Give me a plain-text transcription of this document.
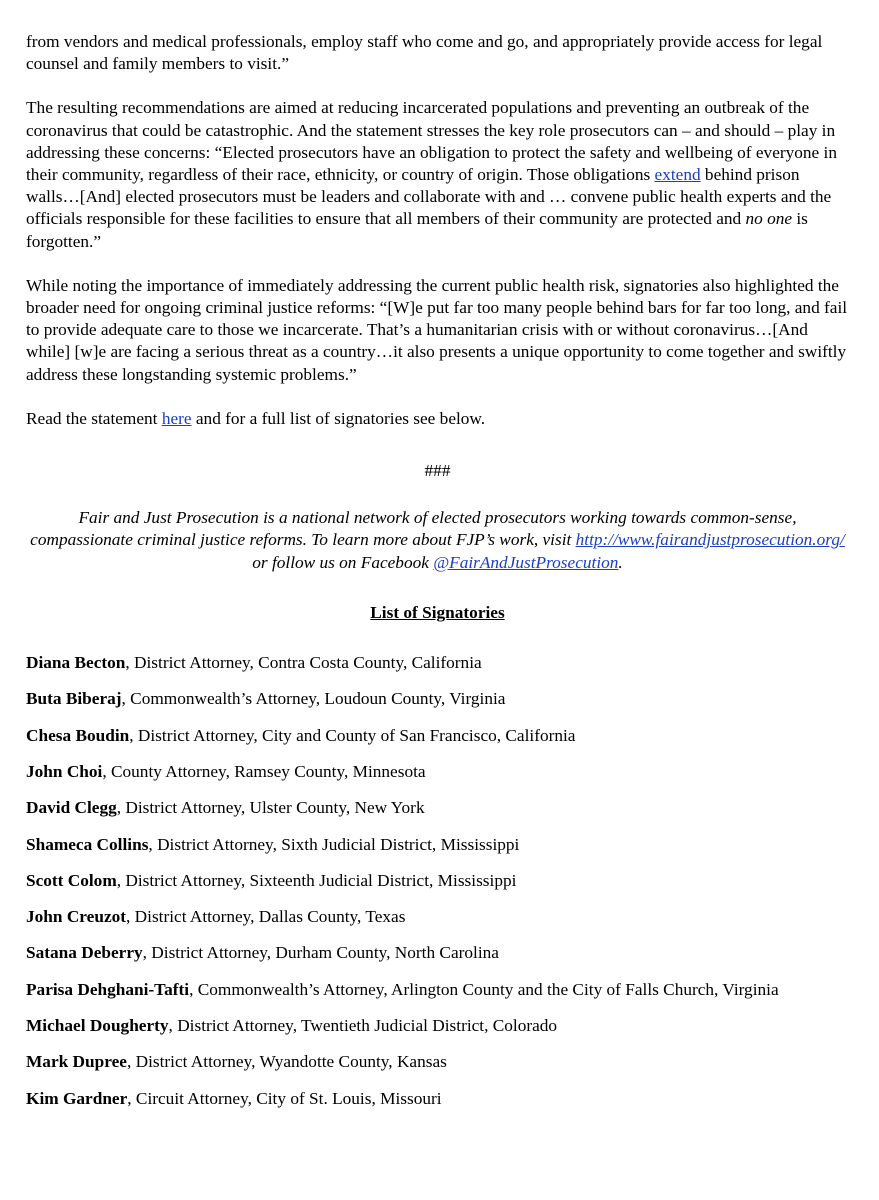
from vendors and medical professionals, employ staff who come and go, and appropriately provide access for legal counsel and family members to visit.”

The resulting recommendations are aimed at reducing incarcerated populations and preventing an outbreak of the coronavirus that could be catastrophic. And the statement stresses the key role prosecutors can – and should – play in addressing these concerns: “Elected prosecutors have an obligation to protect the safety and wellbeing of everyone in their community, regardless of their race, ethnicity, or country of origin. Those obligations extend behind prison walls…[And] elected prosecutors must be leaders and collaborate with and … convene public health experts and the officials responsible for these facilities to ensure that all members of their community are protected and no one is forgotten.”

While noting the importance of immediately addressing the current public health risk, signatories also highlighted the broader need for ongoing criminal justice reforms: “[W]e put far too many people behind bars for far too long, and fail to provide adequate care to those we incarcerate. That’s a humanitarian crisis with or without coronavirus…[And while] [w]e are facing a serious threat as a country…it also presents a unique opportunity to come together and swiftly address these longstanding systemic problems.”

Read the statement here and for a full list of signatories see below.

###

Fair and Just Prosecution is a national network of elected prosecutors working towards common-sense, compassionate criminal justice reforms. To learn more about FJP’s work, visit http://www.fairandjustprosecution.org/ or follow us on Facebook @FairAndJustProsecution.

List of Signatories

Diana Becton, District Attorney, Contra Costa County, California

Buta Biberaj, Commonwealth’s Attorney, Loudoun County, Virginia

Chesa Boudin, District Attorney, City and County of San Francisco, California

John Choi, County Attorney, Ramsey County, Minnesota

David Clegg, District Attorney, Ulster County, New York

Shameca Collins, District Attorney, Sixth Judicial District, Mississippi

Scott Colom, District Attorney, Sixteenth Judicial District, Mississippi

John Creuzot, District Attorney, Dallas County, Texas

Satana Deberry, District Attorney, Durham County, North Carolina

Parisa Dehghani-Tafti, Commonwealth’s Attorney, Arlington County and the City of Falls Church, Virginia

Michael Dougherty, District Attorney, Twentieth Judicial District, Colorado

Mark Dupree, District Attorney, Wyandotte County, Kansas

Kim Gardner, Circuit Attorney, City of St. Louis, Missouri
